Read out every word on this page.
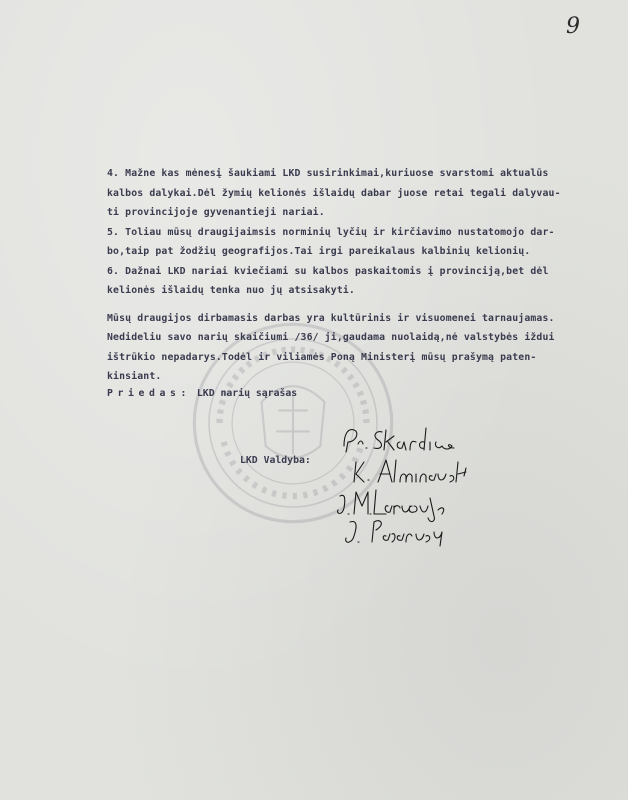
9

4. Mažne kas mėnesį šaukiami LKD susirinkimai,kuriuose svarstomi aktualūs
kalbos dalykai.Dėl žymių kelionės išlaidų dabar juose retai tegali dalyvau-
ti provincijoje gyvenantieji nariai.

5. Toliau mūsų draugijaimsis norminių lyčių ir kirčiavimo nustatomojo dar-
bo,taip pat žodžių geografijos.Tai irgi pareikalaus kalbinių kelionių.

6. Dažnai LKD nariai kviečiami su kalbos paskaitomis į provinciją,bet dėl
kelionės išlaidų tenka nuo jų atsisakyti.

Mūsų draugijos dirbamasis darbas yra kultūrinis ir visuomenei tarnaujamas.
Nedideliu savo narių skaičiumi /36/ ji,gaudama nuolaidą,nė valstybės iždui
ištrūkio nepadarys.Todėl ir viliamės Poną Ministerį mūsų prašymą paten-
kinsiant.

Priedas: LKD narių sąrašas
LKD Valdyba:
